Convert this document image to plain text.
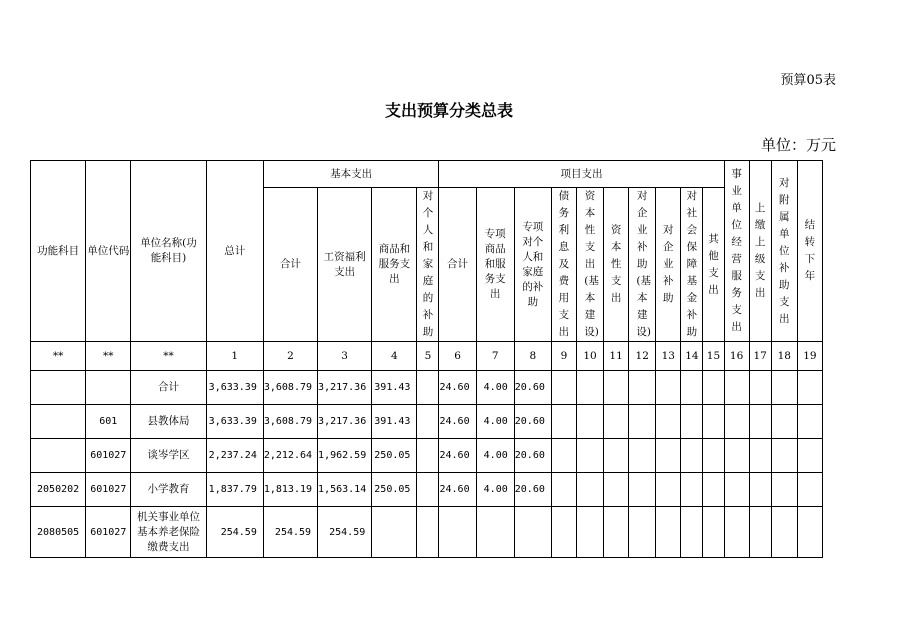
预算05表
支出预算分类总表
单位：万元
功能科目	单位代码	单位名称(功能科目)	总计	基本支出				项目支出										事业单位经营服务支出	上缴上级支出	对附属单位补助支出	结转下年
				合计	工资福利支出	商品和服务支出	对个人和家庭的补助	合计	专项商品和服务支出	专项对个人和家庭的补助	债务利息及费用支出	资本性支出(基本建设)	资本性支出	对企业补助(基本建设)	对企业补助	对社会保障基金补助	其他支出				
**	**	**	1	2	3	4	5	6	7	8	9	10	11	12	13	14	15	16	17	18	19
		合计	3,633.39	3,608.79	3,217.36	391.43		24.60	4.00	20.60											
	601	县教体局	3,633.39	3,608.79	3,217.36	391.43		24.60	4.00	20.60											
	601027	谈岑学区	2,237.24	2,212.64	1,962.59	250.05		24.60	4.00	20.60											
2050202	601027	小学教育	1,837.79	1,813.19	1,563.14	250.05		24.60	4.00	20.60											
2080505	601027	机关事业单位基本养老保险缴费支出	254.59	254.59	254.59																
